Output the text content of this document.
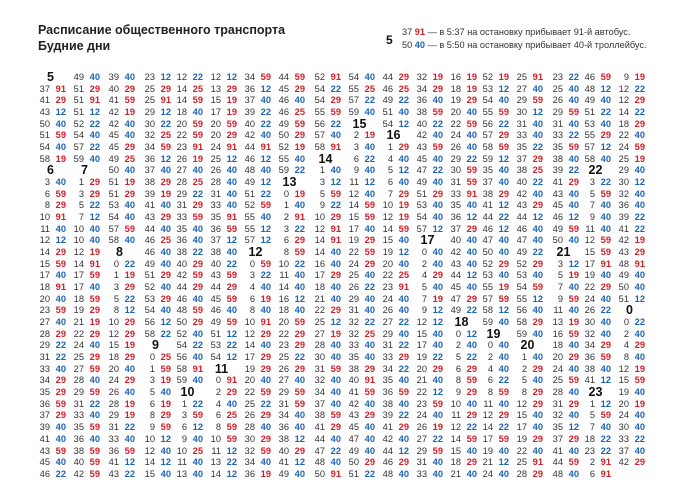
Расписание общественного транспорта
Будние дни	5
37 91 — в 5:37 на остановку прибывает 91-й автобус.
50 40 — в 5:50 на остановку прибывает 40-й троллейбус.
5
37 91
41 29
43 12
50 40
51 59
54 40
58 19
6
3 40
6 59
8 29
10 91
11 40
12 12
14 29
15 59
17 40
18 91
20 40
23 59
27 40
28 29
29 22
31 22
33 40
34 29
35 29
36 59
37 29
39 40
41 40
43 59
45 40
46 22
49 40
51 29
51 91
51 12
52 22
54 40
57 22
59 40
7
1 29
3 29
5 22
7 12
10 40
10 40
12 19
14 91
17 59
17 40
18 59
19 29
21 19
22 29
24 40
25 29
27 59
28 40
29 59
31 22
33 40
35 59
36 40
38 59
40 59
42 59
39 40
40 29
41 59
42 19
42 40
45 40
45 29
49 25
50 40
51 19
51 29
53 40
54 40
57 59
58 40
8
0 22
1 19
3 29
5 22
8 12
10 29
12 29
15 19
18 29
20 40
24 29
26 40
28 19
29 19
31 22
33 40
36 59
41 12
43 22
23 12
25 29
25 91
29 12
30 22
32 25
34 59
36 12
37 40
38 29
39 19
41 40
43 29
44 40
46 25
46 40
49 40
51 29
52 40
53 29
54 40
56 12
58 22
9
0 25
1 59
3 19
5 40
6 19
8 29
9 59
10 12
12 40
14 12
15 40
12 22
14 25
14 59
18 40
20 59
22 59
23 91
26 19
27 40
28 25
29 22
31 29
33 59
35 40
36 40
38 22
40 29
42 59
44 29
46 40
48 59
50 29
52 40
54 22
56 40
58 91
59 40
10
1 22
3 59
6 12
9 40
10 25
11 40
13 40
12 12
13 29
15 19
17 19
20 59
20 29
24 91
25 12
26 40
28 40
31 40
33 40
35 91
36 59
37 12
38 40
40 22
43 59
44 29
45 59
46 40
49 59
51 12
53 22
54 12
11
0 91
2 29
4 40
6 25
8 59
10 59
11 12
13 22
14 12
34 59
36 12
37 40
39 22
40 22
42 40
44 91
46 12
48 40
49 12
51 22
52 59
55 40
55 12
57 12
12
0 59
3 22
4 40
6 19
8 40
10 91
12 29
14 40
17 29
19 29
20 40
22 59
25 22
26 29
28 40
30 29
32 59
34 40
36 19
44 59
45 29
46 40
46 25
49 59
50 29
52 19
55 40
59 22
13
0 19
1 40
2 91
3 22
6 29
8 59
10 22
11 40
14 40
16 12
18 40
20 59
22 29
23 29
25 22
26 29
27 40
29 59
31 59
34 40
36 40
38 12
40 29
41 12
49 40
52 91
54 22
54 29
55 59
56 22
57 40
58 91
14
1 40
3 12
5 59
9 22
10 29
12 91
14 91
14 40
16 40
17 29
18 40
21 40
22 29
25 12
27 19
28 40
30 40
31 59
32 40
34 40
37 40
38 59
41 29
44 40
47 22
48 40
50 91
54 40
55 25
57 22
59 40
15
2 19
3 40
6 22
9 40
11 12
12 40
14 59
15 59
17 40
19 29
22 59
24 29
25 40
26 22
29 40
31 40
32 22
32 25
33 40
35 40
38 29
40 91
41 59
42 40
43 29
45 40
47 40
49 40
50 29
51 22
44 29
46 25
49 22
51 40
54 12
16
1 29
4 40
5 12
6 40
7 29
10 19
12 19
14 59
15 40
19 12
20 40
22 25
23 91
24 40
26 40
27 22
29 40
31 22
33 29
34 22
35 40
36 59
38 40
39 22
41 29
42 40
44 12
46 29
48 40
32 19
34 29
36 40
38 59
40 22
42 40
43 59
45 40
47 22
49 40
51 29
53 40
54 40
57 12
17
0 40
2 40
4 29
5 40
7 19
9 12
12 12
15 40
17 40
19 22
20 29
21 40
22 12
23 59
24 40
26 19
27 22
29 59
31 40
33 40
16 19
18 19
19 29
20 40
22 59
24 40
26 40
29 22
30 59
31 59
33 91
35 40
36 12
37 29
40 40
42 40
43 40
44 12
45 40
47 29
49 22
18
0 12
2 40
5 22
6 29
8 59
9 29
10 40
11 29
12 22
14 59
15 40
18 29
21 40
52 19
53 12
54 40
55 59
56 22
57 29
58 59
59 12
35 40
37 40
38 29
41 12
44 22
46 12
47 40
50 40
52 29
53 40
55 19
57 59
58 12
59 40
19
0 40
2 40
4 40
6 22
8 59
11 40
12 29
14 22
17 59
19 40
21 12
24 40
25 91
27 40
29 59
30 12
31 40
33 40
35 22
37 29
38 25
40 22
42 40
43 29
44 12
46 40
47 40
49 22
52 29
53 40
54 59
55 12
56 40
58 29
59 40
20
1 40
2 29
5 40
8 29
12 29
15 40
17 40
19 29
22 40
25 91
28 29
23 22
25 40
26 40
29 59
31 40
33 22
35 59
38 40
39 22
41 29
43 40
45 40
46 12
49 59
50 40
21
3 12
5 19
7 40
9 59
11 40
13 19
16 59
18 40
20 29
24 40
25 59
28 40
31 29
32 40
35 12
37 29
41 40
44 59
48 40
46 59
48 12
49 40
51 22
53 40
55 29
57 12
58 40
22
3 22
5 59
7 40
9 40
11 40
12 59
15 59
17 91
19 40
22 29
24 40
26 22
30 40
32 40
34 29
36 59
38 40
41 12
23
1 12
5 59
7 40
18 22
23 22
2 91
6 91
9 19
12 22
12 29
14 22
18 29
22 40
24 59
25 19
29 40
30 12
32 40
36 40
39 22
41 22
42 19
43 29
48 91
49 40
50 40
51 12
0
0 22
2 40
4 29
8 40
12 19
15 59
19 40
20 19
24 40
30 40
33 22
37 40
42 29
